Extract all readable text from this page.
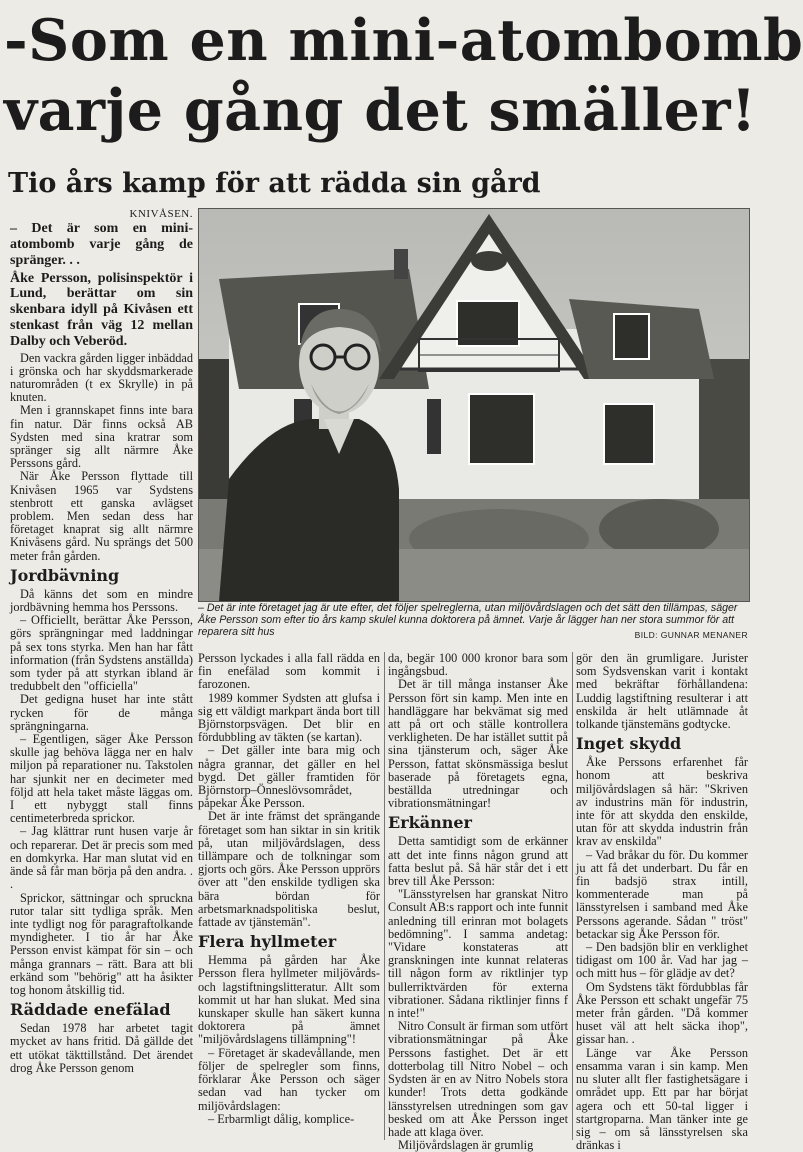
-Som en mini-atombomb
varje gång det smäller!
Tio års kamp för att rädda sin gård

KNIVÅSEN.

– Det är som en mini-atombomb varje gång de spränger. . .

Åke Persson, polisinspektör i Lund, berättar om sin skenbara idyll på Kivåsen ett stenkast från väg 12 mellan Dalby och Veberöd.

Den vackra gården ligger inbäddad i grönska och har skyddsmarkerade naturområden (t ex Skrylle) in på knuten.

Men i grannskapet finns inte bara fin natur. Där finns också AB Sydsten med sina kratrar som spränger sig allt närmre Åke Perssons gård.

När Åke Persson flyttade till Knivåsen 1965 var Sydstens stenbrott ett ganska avlägset problem. Men sedan dess har företaget knaprat sig allt närmre Knivåsens gård. Nu sprängs det 500 meter från gården.

Jordbävning

Då känns det som en mindre jordbävning hemma hos Perssons.

– Officiellt, berättar Åke Persson, görs sprängningar med laddningar på sex tons styrka. Men han har fått information (från Sydstens anställda) som tyder på att styrkan ibland är tredubbelt den "officiella"

Det gedigna huset har inte stått rycken för de många sprängningarna.

– Egentligen, säger Åke Persson skulle jag behöva lägga ner en halv miljon på reparationer nu. Takstolen har sjunkit ner en decimeter med följd att hela taket måste läggas om. I ett nybyggt stall finns centimeterbreda sprickor.

– Jag klättrar runt husen varje år och reparerar. Det är precis som med en domkyrka. Har man slutat vid en ände så får man börja på den andra. . .

Sprickor, sättningar och spruckna rutor talar sitt tydliga språk. Men inte tydligt nog för paragraftolkande myndigheter. I tio år har Åke Persson envist kämpat för sin – och många grannars – rätt. Bara att bli erkänd som "behörig" att ha åsikter tog honom åtskillig tid.

Räddade enefälad

Sedan 1978 har arbetet tagit mycket av hans fritid. Då gällde det ett utökat täkttillstånd. Det ärendet drog Åke Persson genom

– Det är inte företaget jag är ute efter, det följer spelreglerna, utan miljövårdslagen och det sätt den tillämpas, säger Åke Persson som efter tio års kamp skulel kunna doktorera på ämnet. Varje år lägger han ner stora summor för att reparera sitt hus	BILD: GUNNAR MENANER

Persson lyckades i alla fall rädda en fin enefälad som kommit i farozonen.

1989 kommer Sydsten att glufsa i sig ett väldigt markpart ända bort till Björnstorpsvägen. Det blir en fördubbling av täkten (se kartan).

– Det gäller inte bara mig och några grannar, det gäller en hel bygd. Det gäller framtiden för Björnstorp–Önneslövsområdet, påpekar Åke Persson.

Det är inte främst det sprängande företaget som han siktar in sin kritik på, utan miljövårdslagen, dess tillämpare och de tolkningar som gjorts och görs. Åke Persson upprörs över att "den enskilde tydligen ska bära bördan för arbetsmarknadspolitiska beslut, fattade av tjänstemän".

Flera hyllmeter

Hemma på gården har Åke Persson flera hyllmeter miljövårds- och lagstiftningslitteratur. Allt som kommit ut har han slukat. Med sina kunskaper skulle han säkert kunna doktorera på ämnet "miljövårdslagens tillämpning"!

– Företaget är skadevållande, men följer de spelregler som finns, förklarar Åke Persson och säger sedan vad han tycker om miljövårdslagen:

– Erbarmligt dålig, komplice-

da, begär 100 000 kronor bara som ingångsbud.

Det är till många instanser Åke Persson fört sin kamp. Men inte en handläggare har bekvämat sig med att på ort och ställe kontrollera verkligheten. De har istället suttit på sina tjänsterum och, säger Åke Persson, fattat skönsmässiga beslut baserade på företagets egna, beställda utredningar och vibrationsmätningar!

Erkänner

Detta samtidigt som de erkänner att det inte finns någon grund att fatta beslut på. Så här står det i ett brev till Åke Persson:

"Länsstyrelsen har granskat Nitro Consult AB:s rapport och inte funnit anledning till erinran mot bolagets bedömning". I samma andetag: "Vidare konstateras att granskningen inte kunnat relateras till någon form av riktlinjer typ bullerriktvärden för externa vibrationer. Sådana riktlinjer finns f n inte!"

Nitro Consult är firman som utfört vibrationsmätningar på Åke Perssons fastighet. Det är ett dotterbolag till Nitro Nobel – och Sydsten är en av Nitro Nobels stora kunder! Trots detta godkände länsstyrelsen utredningen som gav besked om att Åke Persson inget hade att klaga över.

Miljövårdslagen är grumlig

gör den än grumligare. Jurister som Sydsvenskan varit i kontakt med bekräftar förhållandena: Luddig lagstiftning resulterar i att enskilda är helt utlämnade åt tolkande tjänstemäns godtycke.

Inget skydd

Åke Perssons erfarenhet får honom att beskriva miljövårdslagen så här: "Skriven av industrins män för industrin, inte för att skydda den enskilde, utan för att skydda industrin från krav av enskilda"

– Vad bråkar du för. Du kommer ju att få det underbart. Du får en fin badsjö strax intill, kommenterade man på länsstyrelsen i samband med Åke Perssons agerande. Sådan " tröst" betackar sig Åke Persson för.

– Den badsjön blir en verklighet tidigast om 100 år. Vad har jag – och mitt hus – för glädje av det?

Om Sydstens täkt fördubblas får Åke Persson ett schakt ungefär 75 meter från gården. "Då kommer huset väl att helt säcka ihop", gissar han. .

Länge var Åke Persson ensamma varan i sin kamp. Men nu sluter allt fler fastighetsägare i området upp. Ett par har börjat agera och ett 50-tal ligger i startgroparna. Man tänker inte ge sig – om så länsstyrelsen ska dränkas i
